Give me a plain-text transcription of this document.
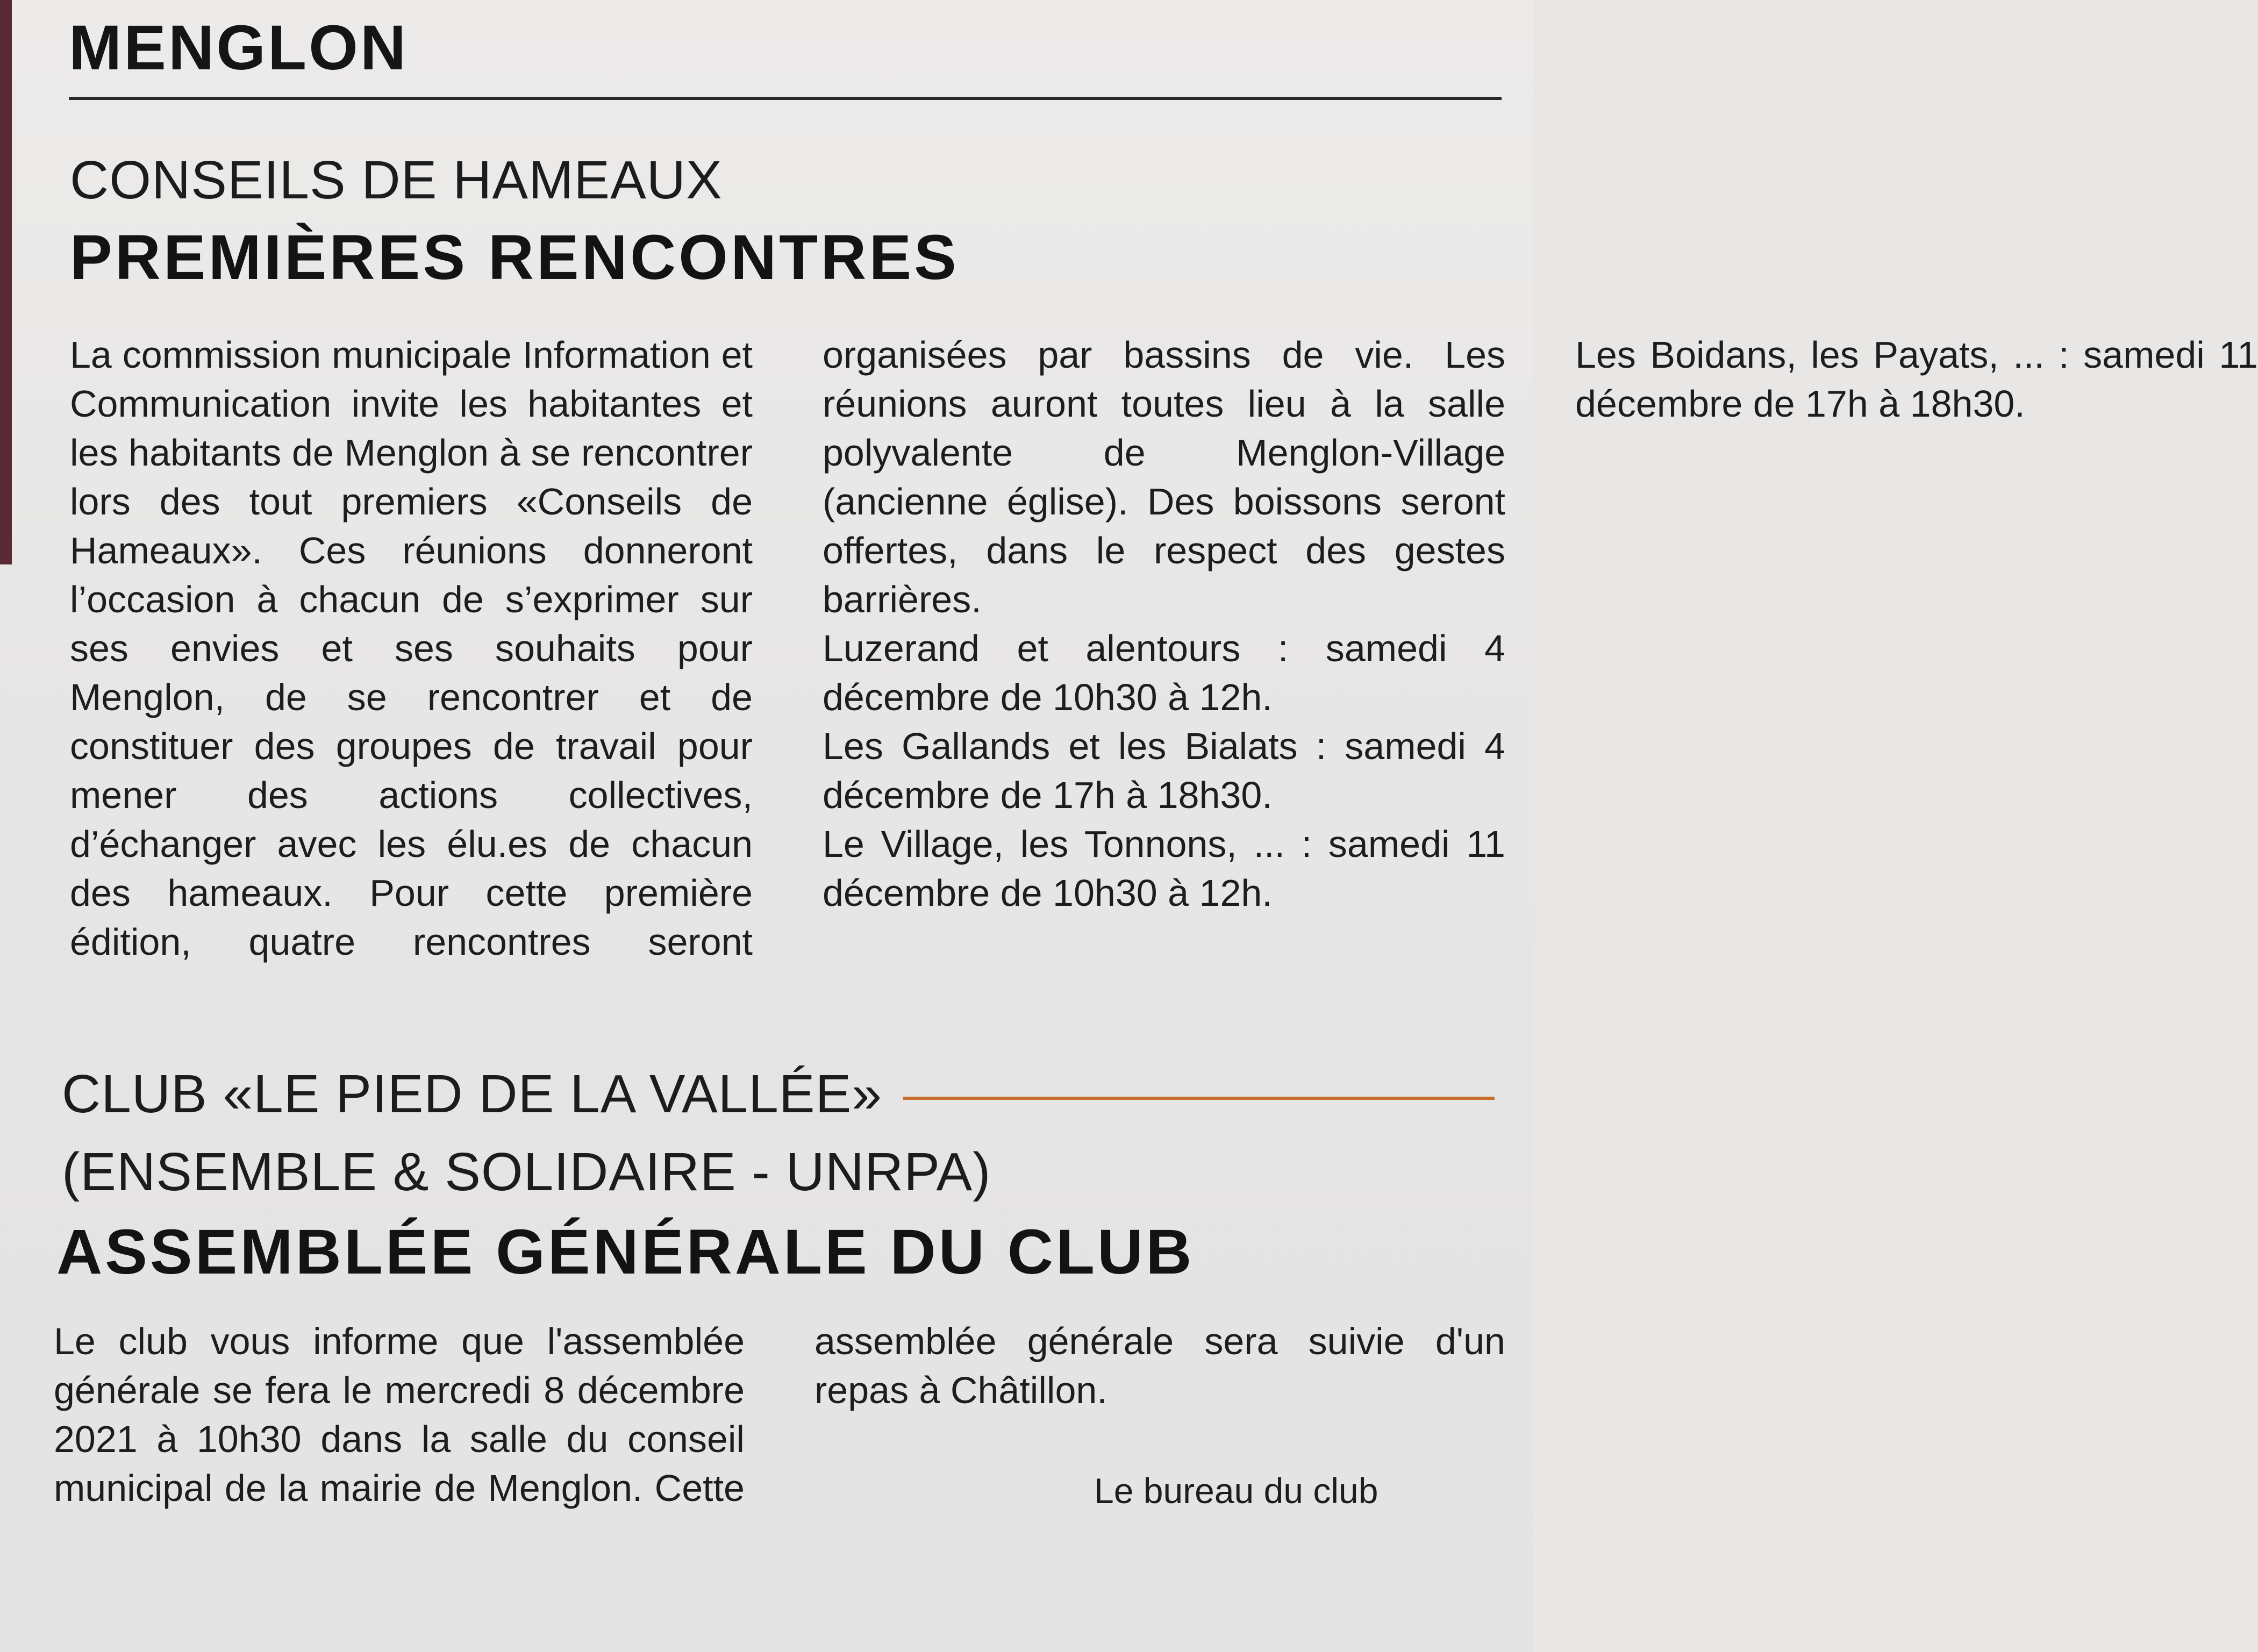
MENGLON
CONSEILS DE HAMEAUX
PREMIÈRES RENCONTRES

La commission municipale Information et Communication invite les habitantes et les habitants de Menglon à se rencontrer lors des tout premiers «Conseils de Hameaux». Ces réunions donneront l’occasion à chacun de s’exprimer sur ses envies et ses souhaits pour Menglon, de se rencontrer et de constituer des groupes de travail pour mener des actions collectives, d’échanger avec les élu.es de chacun des hameaux. Pour cette première édition, quatre rencontres seront organisées par bassins de vie. Les réunions auront toutes lieu à la salle polyvalente de Menglon-Village (ancienne église). Des boissons seront offertes, dans le respect des gestes barrières.

Luzerand et alentours : samedi 4 décembre de 10h30 à 12h.

Les Gallands et les Bialats : samedi 4 décembre de 17h à 18h30.

Le Village, les Tonnons, ... : samedi 11 décembre de 10h30 à 12h.

Les Boidans, les Payats, ... : samedi 11 décembre de 17h à 18h30.

CLUB «LE PIED DE LA VALLÉE»
(ENSEMBLE & SOLIDAIRE - UNRPA)
ASSEMBLÉE GÉNÉRALE DU CLUB

Le club vous informe que l'assemblée générale se fera le mercredi 8 décembre 2021 à 10h30 dans la salle du conseil municipal de la mairie de Menglon. Cette assemblée générale sera suivie d'un repas à Châtillon.

Le bureau du club
